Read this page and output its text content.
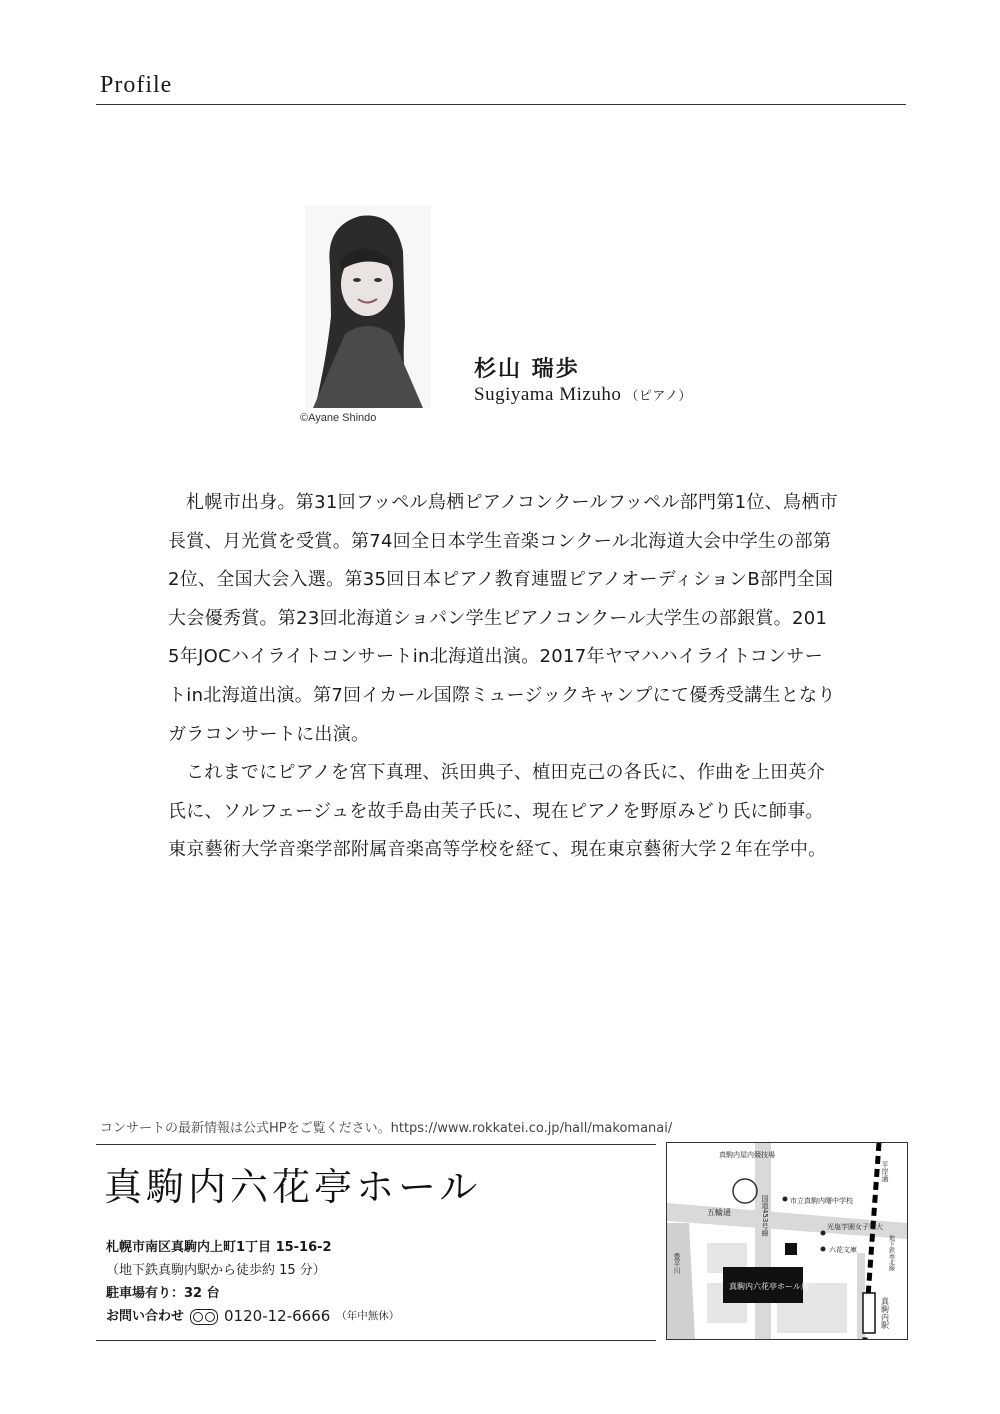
Profile
©Ayane Shindo
杉山 瑞歩
Sugiyama Mizuho （ピアノ）

札幌市出身。第31回フッペル鳥栖ピアノコンクールフッペル部門第1位、鳥栖市長賞、月光賞を受賞。第74回全日本学生音楽コンクール北海道大会中学生の部第2位、全国大会入選。第35回日本ピアノ教育連盟ピアノオーディションB部門全国大会優秀賞。第23回北海道ショパン学生ピアノコンクール大学生の部銀賞。2015年JOCハイライトコンサートin北海道出演。2017年ヤマハハイライトコンサートin北海道出演。第7回イカール国際ミュージックキャンプにて優秀受講生となりガラコンサートに出演。

これまでにピアノを宮下真理、浜田典子、植田克己の各氏に、作曲を上田英介氏に、ソルフェージュを故手島由芙子氏に、現在ピアノを野原みどり氏に師事。東京藝術大学音楽学部附属音楽高等学校を経て、現在東京藝術大学２年在学中。

コンサートの最新情報は公式HPをご覧ください。https://www.rokkatei.co.jp/hall/makomanai/
真駒内六花亭ホール
札幌市南区真駒内上町1丁目 15-16-2
（地下鉄真駒内駅から徒歩約 15 分）
駐車場有り：32 台
お問い合わせ	0120-12-6666 （年中無休）
真駒内屋内競技場
市立真駒内曙中学校
光塩学園女子短大
六花文庫
五輪通	国道453号線
平岸通
地下鉄南北線
豊平川
真駒内六花亭ホール店
真駒内駅
